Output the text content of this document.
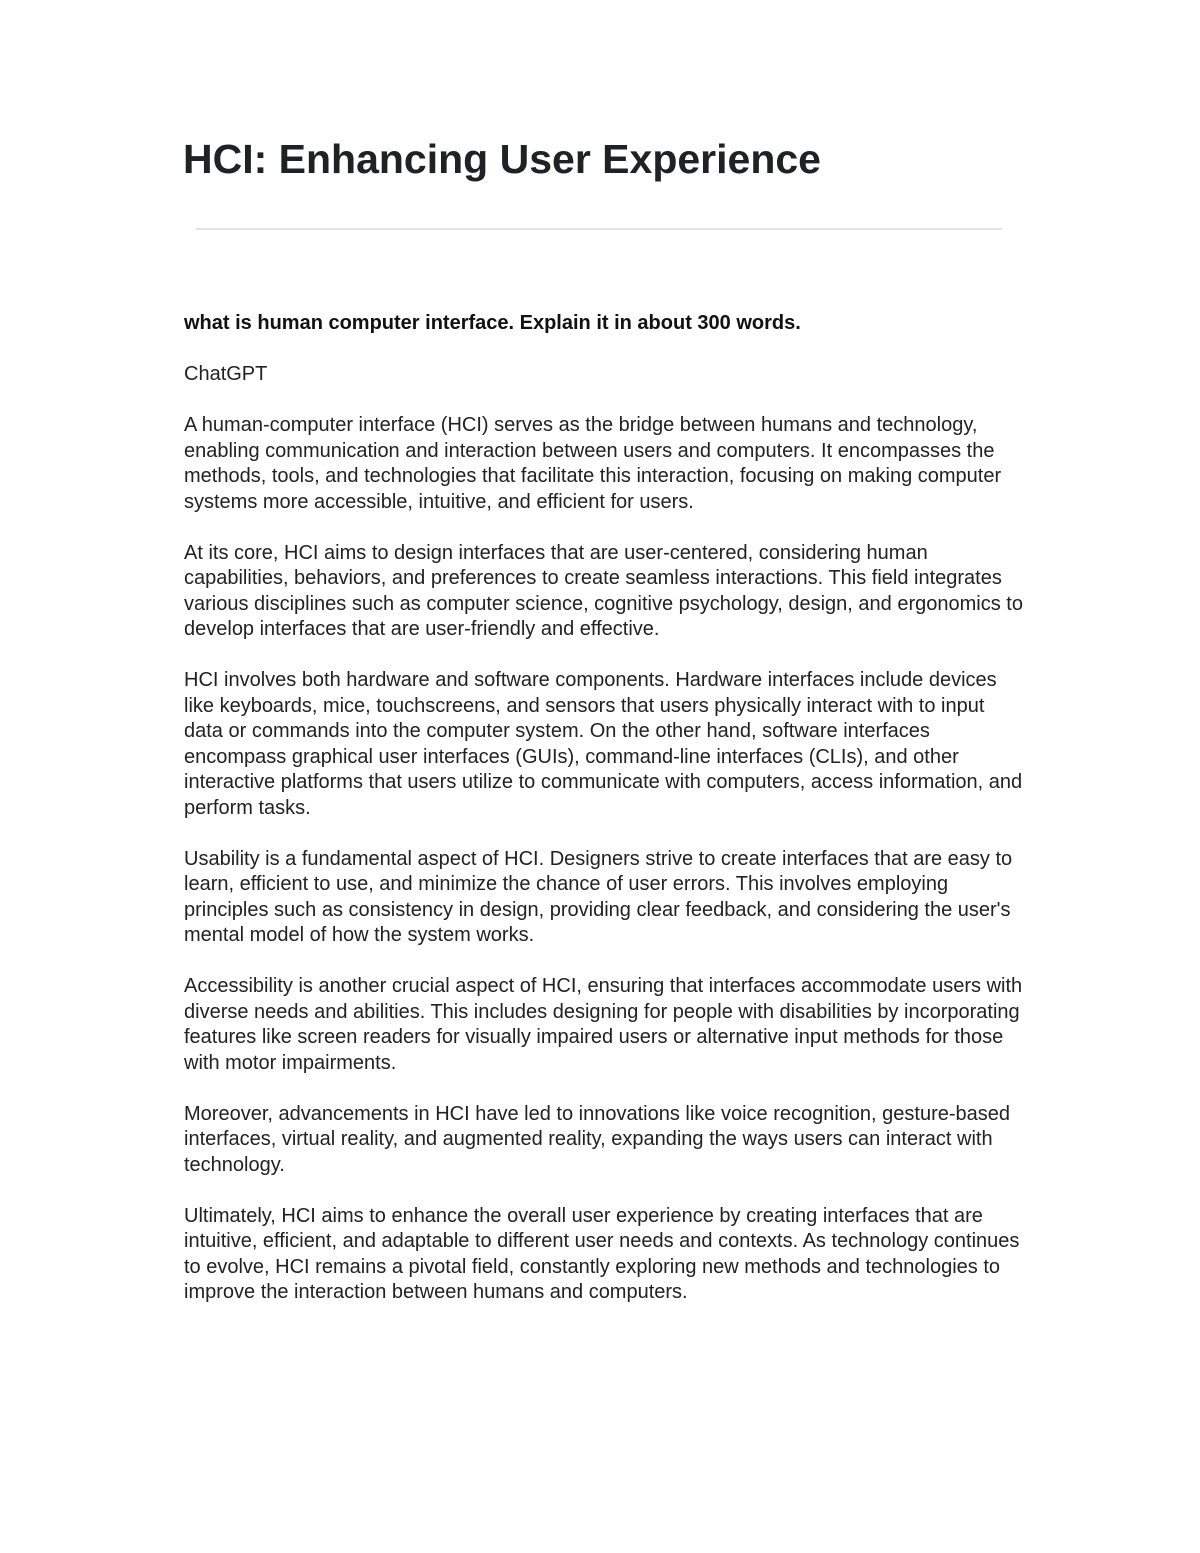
HCI: Enhancing User Experience

what is human computer interface. Explain it in about 300 words.

ChatGPT

A human-computer interface (HCI) serves as the bridge between humans and technology, enabling communication and interaction between users and computers. It encompasses the methods, tools, and technologies that facilitate this interaction, focusing on making computer systems more accessible, intuitive, and efficient for users.

At its core, HCI aims to design interfaces that are user-centered, considering human capabilities, behaviors, and preferences to create seamless interactions. This field integrates various disciplines such as computer science, cognitive psychology, design, and ergonomics to develop interfaces that are user-friendly and effective.

HCI involves both hardware and software components. Hardware interfaces include devices like keyboards, mice, touchscreens, and sensors that users physically interact with to input data or commands into the computer system. On the other hand, software interfaces encompass graphical user interfaces (GUIs), command-line interfaces (CLIs), and other interactive platforms that users utilize to communicate with computers, access information, and perform tasks.

Usability is a fundamental aspect of HCI. Designers strive to create interfaces that are easy to learn, efficient to use, and minimize the chance of user errors. This involves employing principles such as consistency in design, providing clear feedback, and considering the user's mental model of how the system works.

Accessibility is another crucial aspect of HCI, ensuring that interfaces accommodate users with diverse needs and abilities. This includes designing for people with disabilities by incorporating features like screen readers for visually impaired users or alternative input methods for those with motor impairments.

Moreover, advancements in HCI have led to innovations like voice recognition, gesture-based interfaces, virtual reality, and augmented reality, expanding the ways users can interact with technology.

Ultimately, HCI aims to enhance the overall user experience by creating interfaces that are intuitive, efficient, and adaptable to different user needs and contexts. As technology continues to evolve, HCI remains a pivotal field, constantly exploring new methods and technologies to improve the interaction between humans and computers.
